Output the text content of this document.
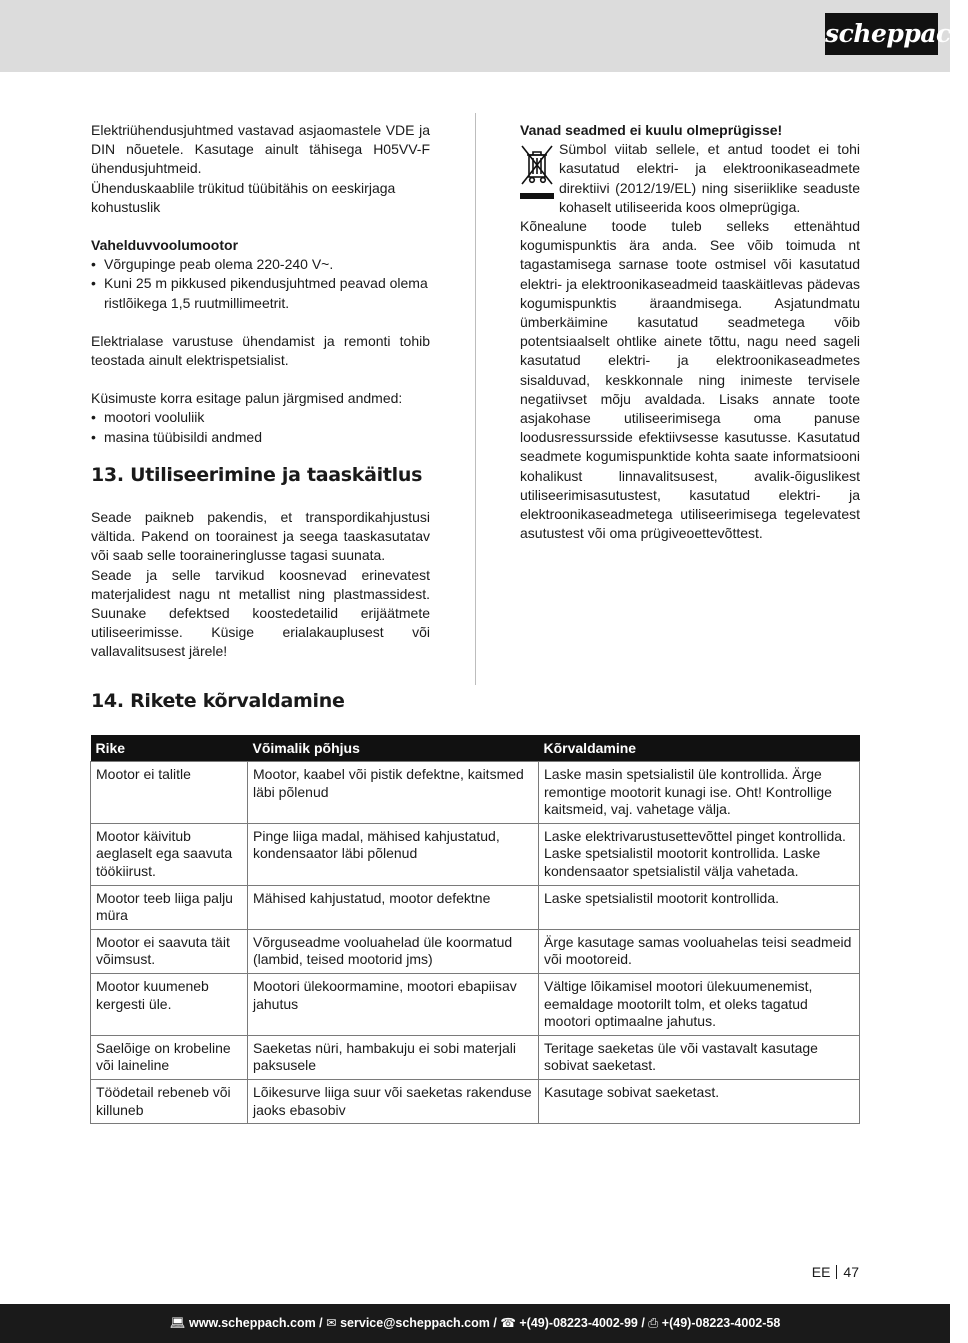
scheppach

Elektriühendusjuhtmed vastavad asjaomastele VDE ja DIN nõuetele. Kasutage ainult tähisega H05VV-F ühendusjuhtmeid.

Ühenduskaablile trükitud tüübitähis on eeskirjaga kohustuslik

Vahelduvvoolumootor

• Võrgupinge peab olema 220-240 V~.
• Kuni 25 m pikkused pikendusjuhtmed peavad olema ristlõikega 1,5 ruutmillimeetrit.

Elektrialase varustuse ühendamist ja remonti tohib teostada ainult elektrispetsialist.

Küsimuste korra esitage palun järgmised andmed:

• mootori vooluliik
• masina tüübisildi andmed
13. Utiliseerimine ja taaskäitlus

Seade paikneb pakendis, et transpordikahjustusi vältida. Pakend on toorainest ja seega taaskasutatav või saab selle tooraineringlusse tagasi suunata.

Seade ja selle tarvikud koosnevad erinevatest materjalidest nagu nt metallist ning plastmassidest. Suunake defektsed koostedetailid erijäätmete utiliseerimisse. Küsige erialakauplusest või vallavalitsusest järele!

Vanad seadmed ei kuulu olmeprügisse!

Sümbol viitab sellele, et antud toodet ei tohi kasutatud elektri- ja elektroonikaseadmete direktiivi (2012/19/EL) ning siseriiklike seaduste kohaselt utiliseerida koos olmeprügiga.

Kõnealune toode tuleb selleks ettenähtud kogumispunktis ära anda. See võib toimuda nt tagastamisega sarnase toote ostmisel või kasutatud elektri- ja elektroonikaseadmeid taaskäitlevas pädevas kogumispunktis äraandmisega. Asjatundmatu ümberkäimine kasutatud seadmetega võib potentsiaalselt ohtlike ainete tõttu, nagu need sageli kasutatud elektri- ja elektroonikaseadmetes sisalduvad, keskkonnale ning inimeste tervisele negatiivset mõju avaldada. Lisaks annate toote asjakohase utiliseerimisega oma panuse loodusressursside efektiivsesse kasutusse. Kasutatud seadmete kogumispunktide kohta saate informatsiooni kohalikust linnavalitsusest, avalik-õiguslikest utiliseerimisasutustest, kasutatud elektri- ja elektroonikaseadmetega utiliseerimisega tegelevatest asutustest või oma prügiveoettevõttest.

14. Rikete kõrvaldamine
Rike	Võimalik põhjus	Kõrvaldamine
Mootor ei talitle	Mootor, kaabel või pistik defektne, kaitsmed läbi põlenud	Laske masin spetsialistil üle kontrollida. Ärge remontige mootorit kunagi ise. Oht! Kontrollige kaitsmeid, vaj. vahetage välja.
Mootor käivitub aeglaselt ega saavuta töökiirust.	Pinge liiga madal, mähised kahjustatud, kondensaator läbi põlenud	Laske elektrivarustusettevõttel pinget kontrollida. Laske spetsialistil mootorit kontrollida. Laske kondensaator spetsialistil välja vahetada.
Mootor teeb liiga palju müra	Mähised kahjustatud, mootor defektne	Laske spetsialistil mootorit kontrollida.
Mootor ei saavuta täit võimsust.	Võrguseadme vooluahelad üle koormatud (lambid, teised mootorid jms)	Ärge kasutage samas vooluahelas teisi seadmeid või mootoreid.
Mootor kuumeneb kergesti üle.	Mootori ülekoormamine, mootori ebapiisav jahutus	Vältige lõikamisel mootori ülekuumenemist, eemaldage mootorilt tolm, et oleks tagatud mootori optimaalne jahutus.
Saelõige on krobeline või laineline	Saeketas nüri, hambakuju ei sobi materjali paksusele	Teritage saeketas üle või vastavalt kasutage sobivat saeketast.
Töödetail rebeneb või killuneb	Lõikesurve liiga suur või saeketas rakenduse jaoks ebasobiv	Kasutage sobivat saeketast.
EE 47
💻︎ www.scheppach.com / ✉︎ service@scheppach.com / ☎︎ +(49)-08223-4002-99 / ⎙ +(49)-08223-4002-58
